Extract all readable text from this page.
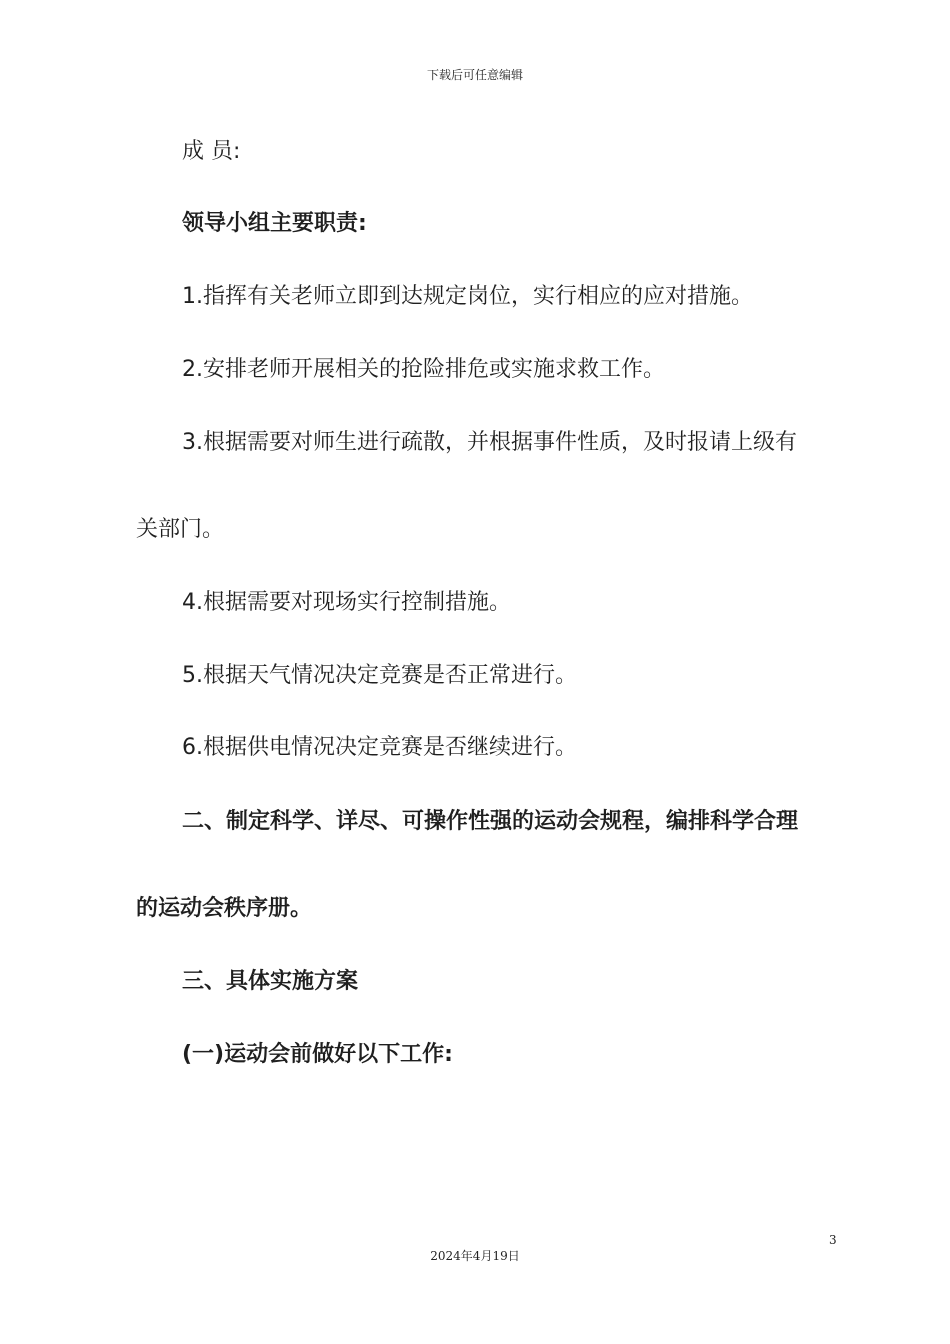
下载后可任意编辑
成 员:
领导小组主要职责:
1.指挥有关老师立即到达规定岗位，实行相应的应对措施。
2.安排老师开展相关的抢险排危或实施求救工作。
3.根据需要对师生进行疏散，并根据事件性质，及时报请上级有
关部门。
4.根据需要对现场实行控制措施。
5.根据天气情况决定竞赛是否正常进行。
6.根据供电情况决定竞赛是否继续进行。
二、制定科学、详尽、可操作性强的运动会规程，编排科学合理
的运动会秩序册。
三、具体实施方案
(一)运动会前做好以下工作:
3
2024年4月19日
